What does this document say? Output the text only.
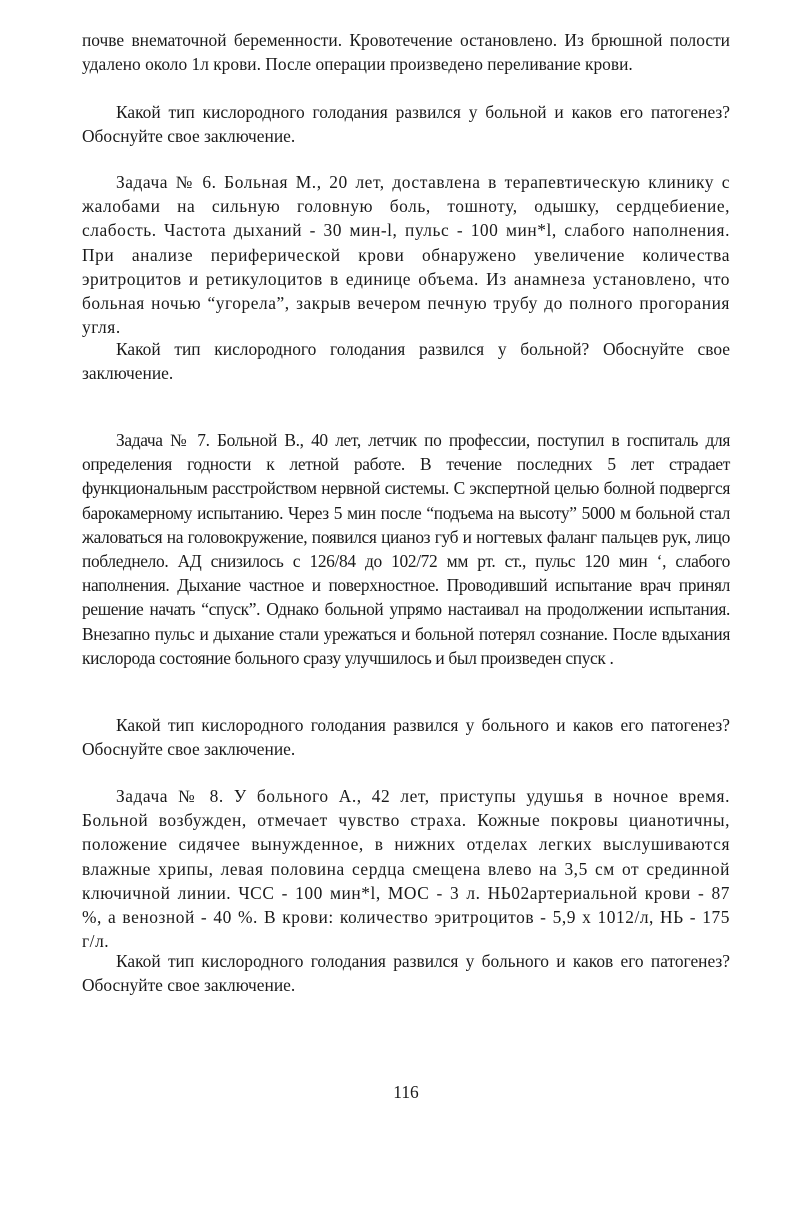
почве внематочной беременности. Кровотечение остановлено. Из брюшной полости удалено около 1л крови. После операции произведено переливание крови.

Какой тип кислородного голодания развился у больной и каков его патогенез? Обоснуйте свое заключение.

Задача № 6. Больная М., 20 лет, доставлена в терапевтическую клинику с жалобами на сильную головную боль, тошноту, одышку, сердцебиение, слабость. Частота дыханий - 30 мин-l, пульс - 100 мин*l, слабого наполнения. При анализе периферической крови обнаружено увеличение количества эритроцитов и ретикулоцитов в единице объема. Из анамнеза установлено, что больная ночью “угорела”, закрыв вечером печную трубу до полного прогорания угля.

Какой тип кислородного голодания развился у больной? Обоснуйте свое заключение.

Задача № 7. Больной В., 40 лет, летчик по профессии, поступил в госпиталь для определения годности к летной работе. В течение последних 5 лет страдает функциональным расстройством нервной системы. С экспертной целью болной подвергся барокамерному испытанию. Через 5 мин после “подъема на высоту” 5000 м больной стал жаловаться на головокружение, появился цианоз губ и ногтевых фаланг пальцев рук, лицо побледнело. АД снизилось с 126/84 до 102/72 мм рт. ст., пульс 120 мин ‘, слабого наполнения. Дыхание частное и поверхностное. Проводивший испытание врач принял решение начать “спуск”. Однако больной упрямо настаивал на продолжении испытания. Внезапно пульс и дыхание стали урежаться и больной потерял сознание. После вдыхания кислорода состояние больного сразу улучшилось и был произведен спуск .

Какой тип кислородного голодания развился у больного и каков его патогенез? Обоснуйте свое заключение.

Задача № 8. У больного А., 42 лет, приступы удушья в ночное время. Больной возбужден, отмечает чувство страха. Кожные покровы цианотичны, положение сидячее вынужденное, в нижних отделах легких выслушиваются влажные хрипы, левая половина сердца смещена влево на 3,5 см от срединной ключичной линии. ЧСС - 100 мин*l, МОС - 3 л. НЬ02артериальной крови - 87 %, а венозной - 40 %. В крови: количество эритроцитов - 5,9 х 1012/л, НЬ - 175 г/л.

Какой тип кислородного голодания развился у больного и каков его патогенез? Обоснуйте свое заключение.

116
